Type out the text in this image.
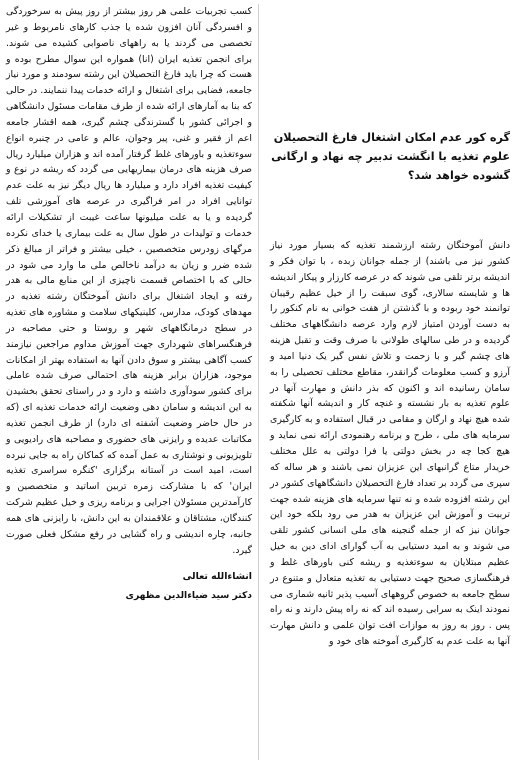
گره کور عدم امکان اشتغال فارغ التحصیلان علوم تغذیه با انگشت تدبیر چه نهاد و ارگانی گشوده خواهد شد؟

دانش آموختگان رشته ارزشمند تغذیه که بسیار مورد نیاز کشور نیز می باشند) از جمله جوانان زبده ، با توان فکر و اندیشه برتر تلقی می شوند که در عرصه کارزار و پیکار اندیشه ها و شایسته سالاری، گوی سبقت را از خیل عظیم رقیبان توانمند خود ربوده و با گذشتن از هفت خوانی به نام کنکور را به دست آوردن امتیاز لازم وارد عرصه دانشگاههای مختلف گردیده و در طی سالهای طولانی با صرف وقت و تقبل هزینه های چشم گیر و با زحمت و تلاش نفس گیر یک دنیا امید و آرزو و کسب معلومات گرانقدر، مقاطع مختلف تحصیلی را به سامان رسانیده اند و اکنون که بذر دانش و مهارت آنها در علوم تغذیه به بار نشسته و غنچه کار و اندیشه آنها شکفته شده هیچ نهاد و ارگان و مقامی در قبال استفاده و به کارگیری سرمایه های ملی ، طرح و برنامه رهنمودی ارائه نمی نماید و هیچ کجا چه در بخش دولتی یا فرا دولتی به علل مختلف خریدار متاع گرانبهای این عزیزان نمی باشند و هر ساله که سپری می گردد بر تعداد فارغ التحصیلان دانشگاههای کشور در این رشته افزوده شده و نه تنها سرمایه های هزینه شده جهت تربیت و آموزش این عزیزان به هدر می رود بلکه خود این جوانان نیز که از جمله گنجینه های ملی انسانی کشور تلقی می شوند و به امید دستیابی به آب گوارای ادای دین به خیل عظیم مبتلایان به سوءتغذیه و ریشه کنی باورهای غلط و فرهنگسازی صحیح جهت دستیابی به تغذیه متعادل و متنوع در سطح جامعه به خصوص گروههای آسیب پذیر ثانیه شماری می نمودند اینک به سرابی رسیده اند که نه راه پیش دارند و نه راه پس . روز به روز به موازات افت توان علمی و دانش مهارت آنها به علت عدم به کارگیری آموخته های خود و

کسب تجربیات علمی هر روز بیشتر از روز پیش به سرخوردگی و افسردگی آنان افزون شده یا جذب کارهای نامربوط و غیر تخصصی می گردند یا به راههای ناصوابی کشیده می شوند. برای انجمن تغذیه ایران (انا) همواره این سوال مطرح بوده و هست که چرا باید فارغ التحصیلان این رشته سودمند و مورد نیاز جامعه، فضایی برای اشتغال و ارائه خدمات پیدا ننمایند. در حالی که بنا به آمارهای ارائه شده از طرف مقامات مسئول دانشگاهی و اجرائی کشور با گسترندگی چشم گیری، همه اقشار جامعه اعم از فقیر و غنی، پیر وجوان، عالم و عامی در چنبره انواع سوءتغذیه و باورهای غلط گرفتار آمده اند و هزاران میلیارد ریال صرف هزینه های درمان بیماریهایی می گردد که ریشه در نوع و کیفیت تغذیه افراد دارد و میلیارد ها ریال دیگر نیز به علت عدم توانایی افراد در امر فراگیری در عرصه های آموزشی تلف گردیده و یا به علت میلیونها ساعت غیبت از تشکیلات ارائه خدمات و تولیدات در طول سال به علت بیماری یا خدای نکرده مرگهای زودرس متخصصین ، خیلی بیشتر و فراتر از مبالغ ذکر شده ضرر و زیان به درآمد ناخالص ملی ما وارد می شود در حالی که با اختصاص قسمت ناچیزی از این منابع مالی به هدر رفته و ایجاد اشتغال برای دانش آموختگان رشته تغذیه در مهدهای کودک، مدارس، کلینیکهای سلامت و مشاوره های تغذیه در سطح درمانگاههای شهر و روستا و حتی مصاحبه در فرهنگسراهای شهرداری جهت آموزش مداوم مراجعین نیازمند کسب آگاهی بیشتر و سوق دادن آنها به استفاده بهتر از امکانات موجود، هزاران برابر هزینه های احتمالی صرف شده عاملی برای کشور سودآوری داشته و دارد و در راستای تحقق بخشیدن به این اندیشه و سامان دهی وضعیت ارائه خدمات تغذیه ای (که در حال حاضر وضعیت آشفته ای دارد) از طرف انجمن تغذیه مکاتبات عدیده و رایزنی های حضوری و مصاحبه های رادیویی و تلویزیونی و نوشتاری به عمل آمده که کماکان راه به جایی نبرده است، امید است در آستانه برگزاری 'کنگره سراسری تغذیه ایران' که با مشارکت زمره تربین اساتید و متخصصین و کارآمدترین مسئولان اجرایی و برنامه ریزی و خیل عظیم شرکت کنندگان، مشتاقان و علاقمندان به این دانش، با رایزنی های همه جانبه، چاره اندیشی و راه گشایی در رفع مشکل فعلی صورت گیرد.

انشاءالله تعالی
دکتر سید ضیاءالدین مظهری
